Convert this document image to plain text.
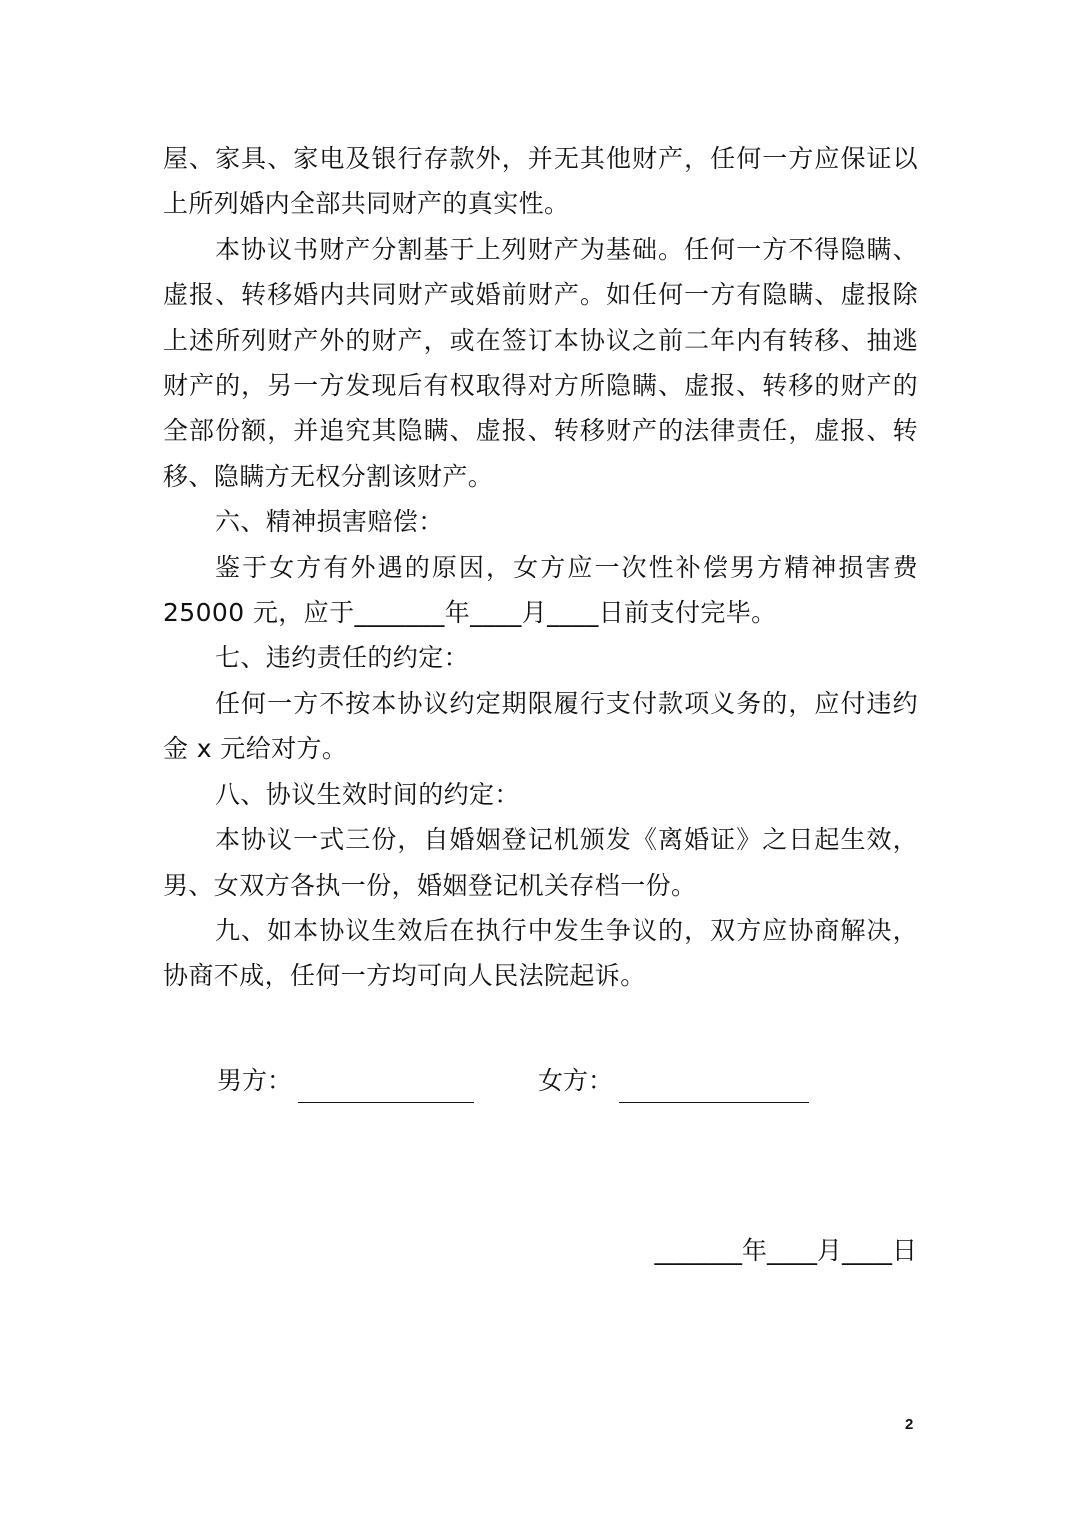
屋、家具、家电及银行存款外，并无其他财产，任何一方应保证以上所列婚内全部共同财产的真实性。

本协议书财产分割基于上列财产为基础。任何一方不得隐瞒、虚报、转移婚内共同财产或婚前财产。如任何一方有隐瞒、虚报除上述所列财产外的财产，或在签订本协议之前二年内有转移、抽逃财产的，另一方发现后有权取得对方所隐瞒、虚报、转移的财产的全部份额，并追究其隐瞒、虚报、转移财产的法律责任，虚报、转移、隐瞒方无权分割该财产。

六、精神损害赔偿：

鉴于女方有外遇的原因，女方应一次性补偿男方精神损害费25000 元，应于_______年____月____日前支付完毕。

七、违约责任的约定：

任何一方不按本协议约定期限履行支付款项义务的，应付违约金 x 元给对方。

八、协议生效时间的约定：

本协议一式三份，自婚姻登记机颁发《离婚证》之日起生效，男、女双方各执一份，婚姻登记机关存档一份。

九、如本协议生效后在执行中发生争议的，双方应协商解决，协商不成，任何一方均可向人民法院起诉。

男方：	女方：
_______年____月____日
2
